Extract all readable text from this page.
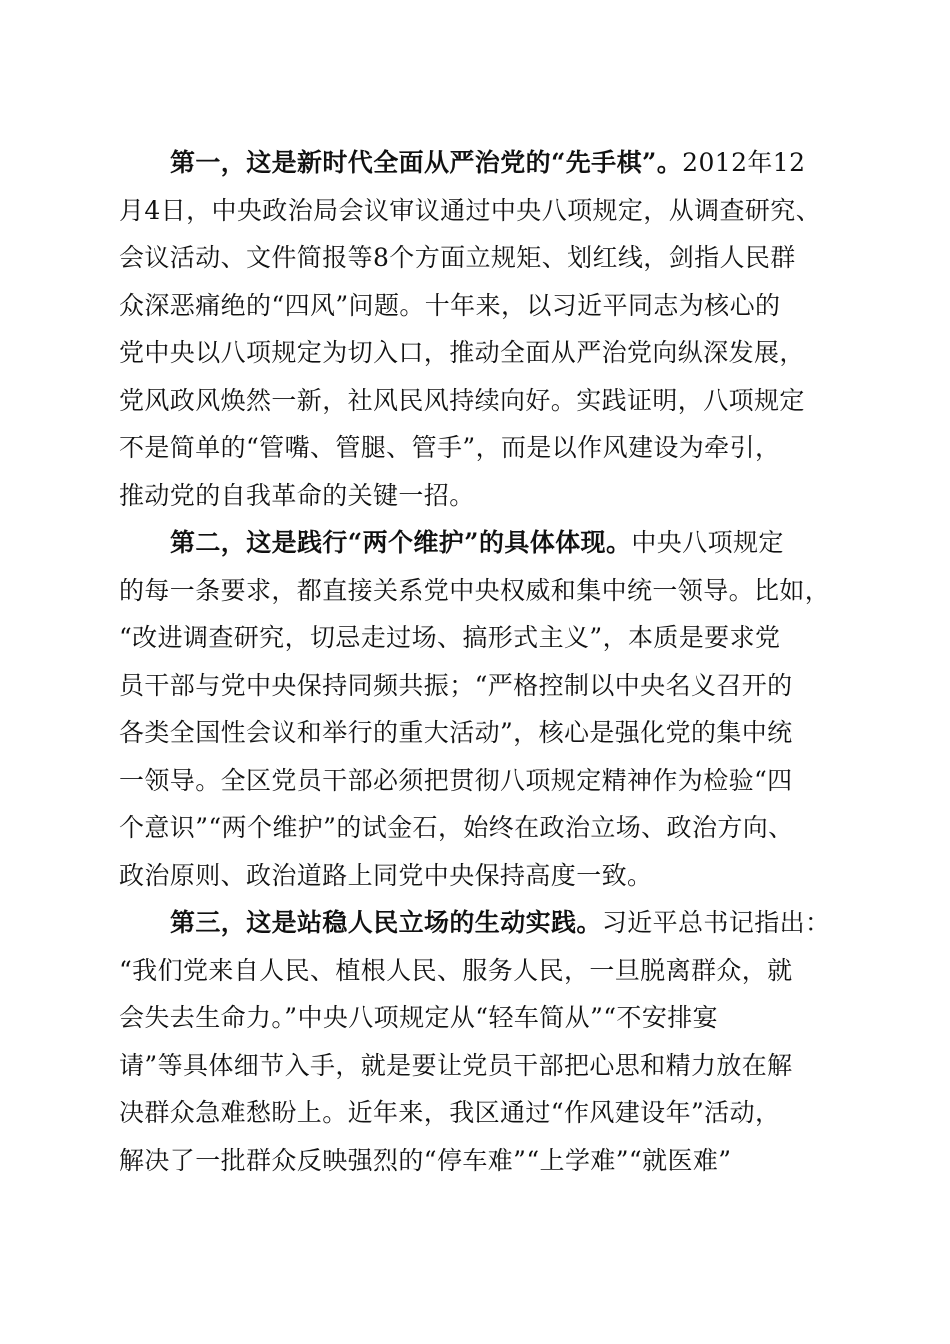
第一，这是新时代全面从严治党的“先手棋”。2012年12
月4日，中央政治局会议审议通过中央八项规定，从调查研究、
会议活动、文件简报等8个方面立规矩、划红线，剑指人民群
众深恶痛绝的“四风”问题。十年来，以习近平同志为核心的
党中央以八项规定为切入口，推动全面从严治党向纵深发展，
党风政风焕然一新，社风民风持续向好。实践证明，八项规定
不是简单的“管嘴、管腿、管手”，而是以作风建设为牵引，
推动党的自我革命的关键一招。
第二，这是践行“两个维护”的具体体现。中央八项规定
的每一条要求，都直接关系党中央权威和集中统一领导。比如，
“改进调查研究，切忌走过场、搞形式主义”，本质是要求党
员干部与党中央保持同频共振；“严格控制以中央名义召开的
各类全国性会议和举行的重大活动”，核心是强化党的集中统
一领导。全区党员干部必须把贯彻八项规定精神作为检验“四
个意识”“两个维护”的试金石，始终在政治立场、政治方向、
政治原则、政治道路上同党中央保持高度一致。
第三，这是站稳人民立场的生动实践。习近平总书记指出：
“我们党来自人民、植根人民、服务人民，一旦脱离群众，就
会失去生命力。”中央八项规定从“轻车简从”“不安排宴
请”等具体细节入手，就是要让党员干部把心思和精力放在解
决群众急难愁盼上。近年来，我区通过“作风建设年”活动，
解决了一批群众反映强烈的“停车难”“上学难”“就医难”
